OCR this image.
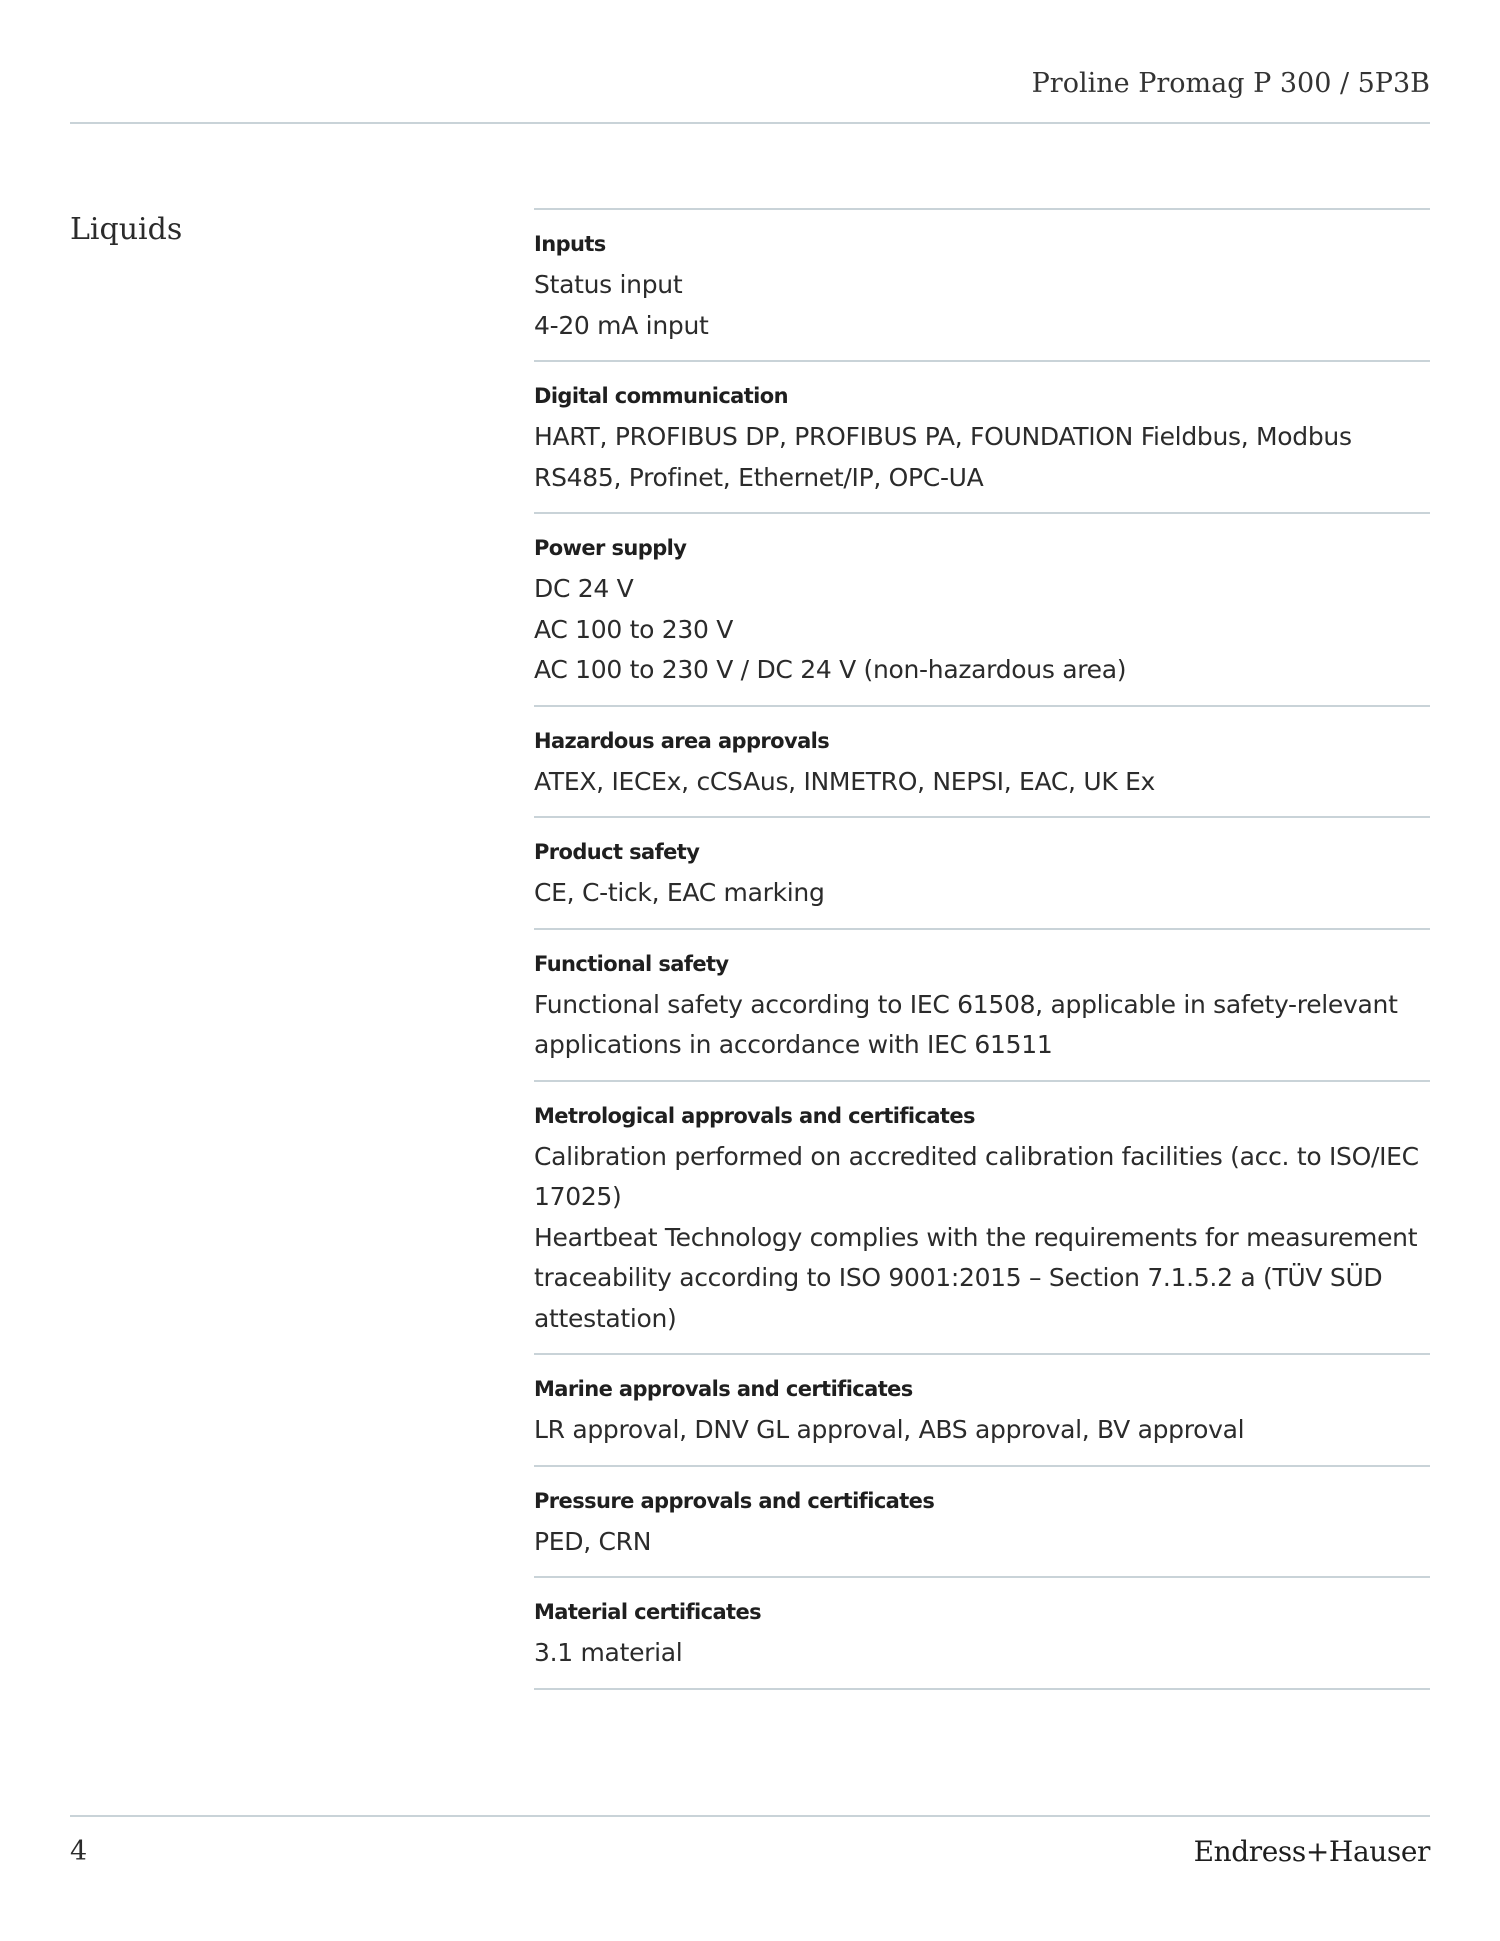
Proline Promag P 300 / 5P3B
Liquids	Inputs
Status input
4-20 mA input
Digital communication
HART, PROFIBUS DP, PROFIBUS PA, FOUNDATION Fieldbus, Modbus
RS485, Profinet, Ethernet/IP, OPC-UA
Power supply
DC 24 V
AC 100 to 230 V
AC 100 to 230 V / DC 24 V (non-hazardous area)
Hazardous area approvals
ATEX, IECEx, cCSAus, INMETRO, NEPSI, EAC, UK Ex
Product safety
CE, C-tick, EAC marking
Functional safety
Functional safety according to IEC 61508, applicable in safety-relevant
applications in accordance with IEC 61511
Metrological approvals and certificates
Calibration performed on accredited calibration facilities (acc. to ISO/IEC
17025)
Heartbeat Technology complies with the requirements for measurement
traceability according to ISO 9001:2015 – Section 7.1.5.2 a (TÜV SÜD
attestation)
Marine approvals and certificates
LR approval, DNV GL approval, ABS approval, BV approval
Pressure approvals and certificates
PED, CRN
Material certificates
3.1 material
4	Endress+Hauser
